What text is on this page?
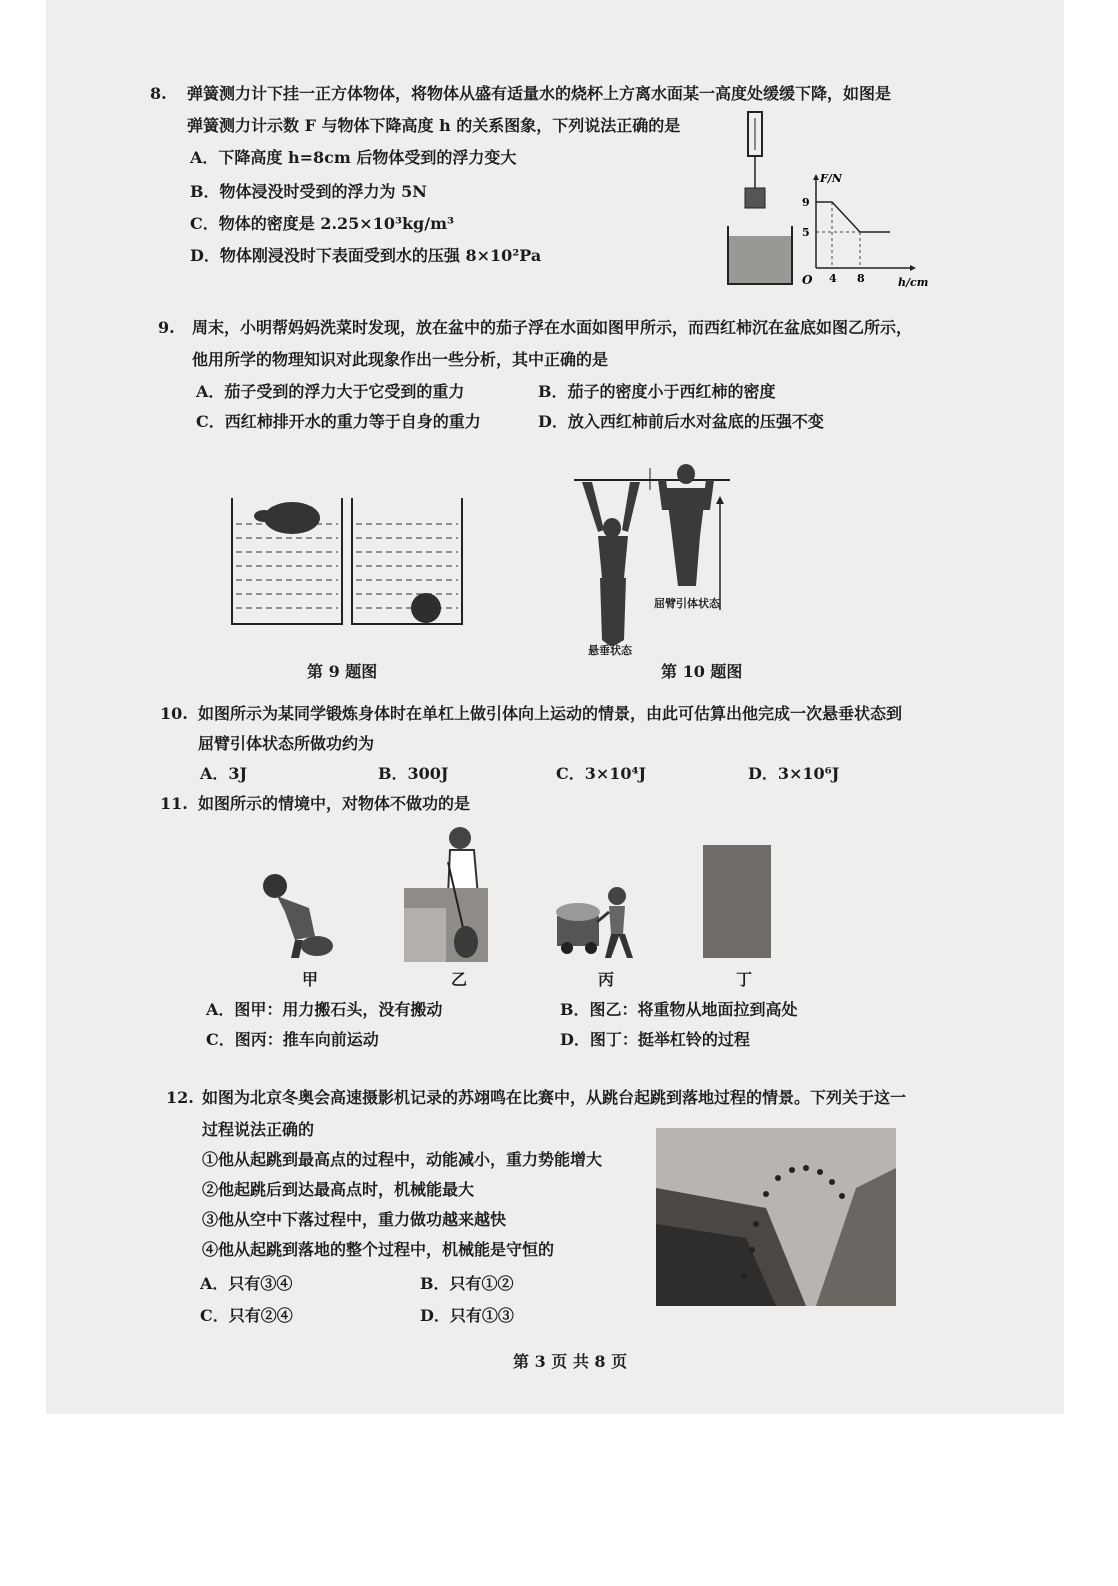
8. 弹簧测力计下挂一正方体物体，将物体从盛有适量水的烧杯上方离水面某一高度处缓缓下降，如图是
弹簧测力计示数 F 与物体下降高度 h 的关系图象，下列说法正确的是
A．下降高度 h=8cm 后物体受到的浮力变大
B．物体浸没时受到的浮力为 5N
C．物体的密度是 2.25×10³kg/m³
D．物体刚浸没时下表面受到水的压强 8×10²Pa
F/N
9
5
O 4 8	h/cm
9. 周末，小明帮妈妈洗菜时发现，放在盆中的茄子浮在水面如图甲所示，而西红柿沉在盆底如图乙所示，
他用所学的物理知识对此现象作出一些分析，其中正确的是
A．茄子受到的浮力大于它受到的重力	B．茄子的密度小于西红柿的密度
C．西红柿排开水的重力等于自身的重力	D．放入西红柿前后水对盆底的压强不变
屈臂引体状态
悬垂状态
第 9 题图	第 10 题图
10. 如图所示为某同学锻炼身体时在单杠上做引体向上运动的情景，由此可估算出他完成一次悬垂状态到
屈臂引体状态所做功约为
A．3J	B．300J	C．3×10⁴J	D．3×10⁶J
11. 如图所示的情境中，对物体不做功的是
甲	乙	丙	丁
A．图甲：用力搬石头，没有搬动	B．图乙：将重物从地面拉到高处
C．图丙：推车向前运动	D．图丁：挺举杠铃的过程
12. 如图为北京冬奥会高速摄影机记录的苏翊鸣在比赛中，从跳台起跳到落地过程的情景。下列关于这一
过程说法正确的
①他从起跳到最高点的过程中，动能减小，重力势能增大
②他起跳后到达最高点时，机械能最大
③他从空中下落过程中，重力做功越来越快
④他从起跳到落地的整个过程中，机械能是守恒的
A．只有③④	B．只有①②
C．只有②④	D．只有①③
第 3 页 共 8 页
